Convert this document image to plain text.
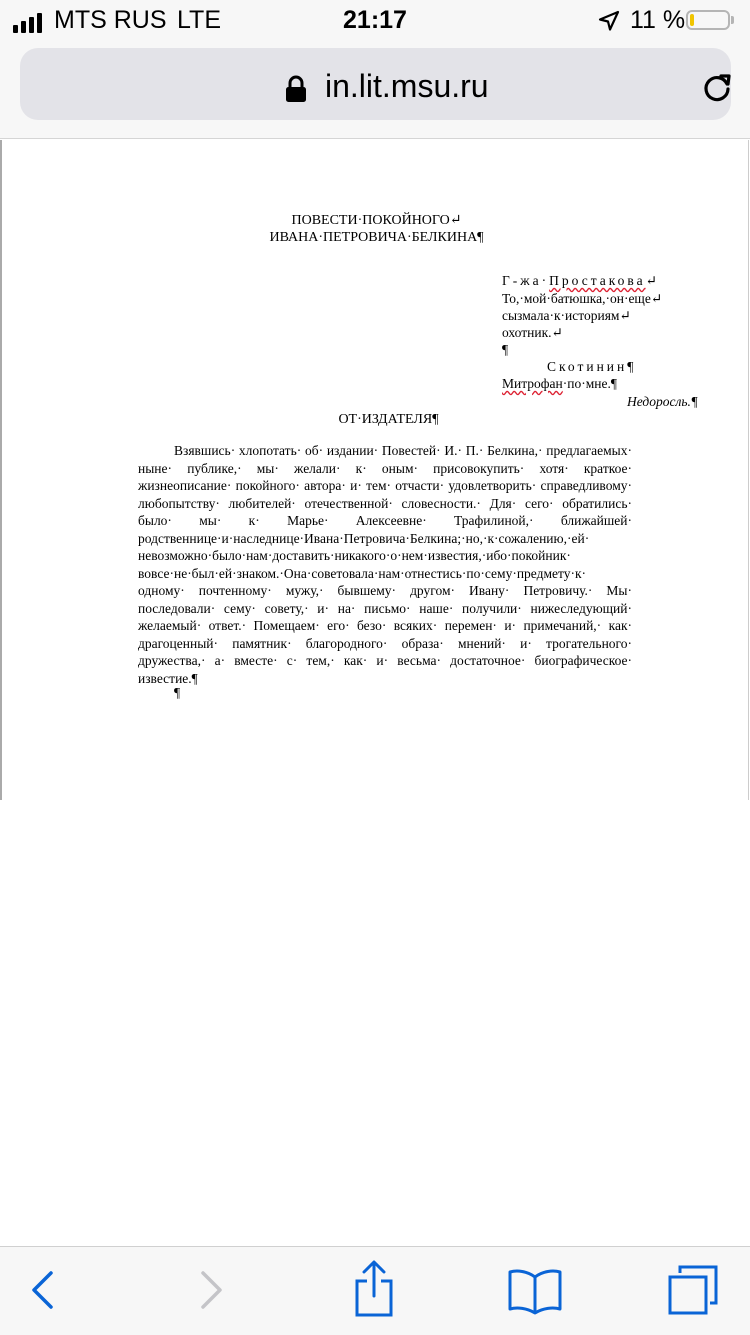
MTS RUS LTE	21:17	11 %
in.lit.msu.ru
ПОВЕСТИ·ПОКОЙНОГО↵
ИВАНА·ПЕТРОВИЧА·БЕЛКИНА¶
Г-жа·Простакова↵
То,·мой·батюшка,·он·еще↵
сызмала·к·историям↵
охотник.↵
¶
Скотинин¶
Митрофан·по·мне.¶
Недоросль.¶
ОТ·ИЗДАТЕЛЯ¶
Взявшись· хлопотать· об· издании· Повестей· И.· П.· Белкина,· предлагаемых· ныне· публике,· мы· желали· к· оным· присовокупить· хотя· краткое· жизнеописание· покойного· автора· и· тем· отчасти· удовлетворить· справедливому· любопытству· любителей· отечественной· словесности.· Для· сего· обратились· было· мы· к· Марье· Алексеевне· Трафилиной,· ближайшей· родственнице·и·наследнице·Ивана·Петровича·Белкина;·но,·к·сожалению,·ей· невозможно·было·нам·доставить·никакого·о·нем·известия,·ибо·покойник· вовсе·не·был·ей·знаком.·Она·советовала·нам·отнестись·по·сему·предмету·к· одному· почтенному· мужу,· бывшему· другом· Ивану· Петровичу.· Мы· последовали· сему· совету,· и· на· письмо· наше· получили· нижеследующий· желаемый· ответ.· Помещаем· его· безо· всяких· перемен· и· примечаний,· как· драгоценный· памятник· благородного· образа· мнений· и· трогательного· дружества,· а· вместе· с· тем,· как· и· весьма· достаточное· биографическое· известие.¶
¶
